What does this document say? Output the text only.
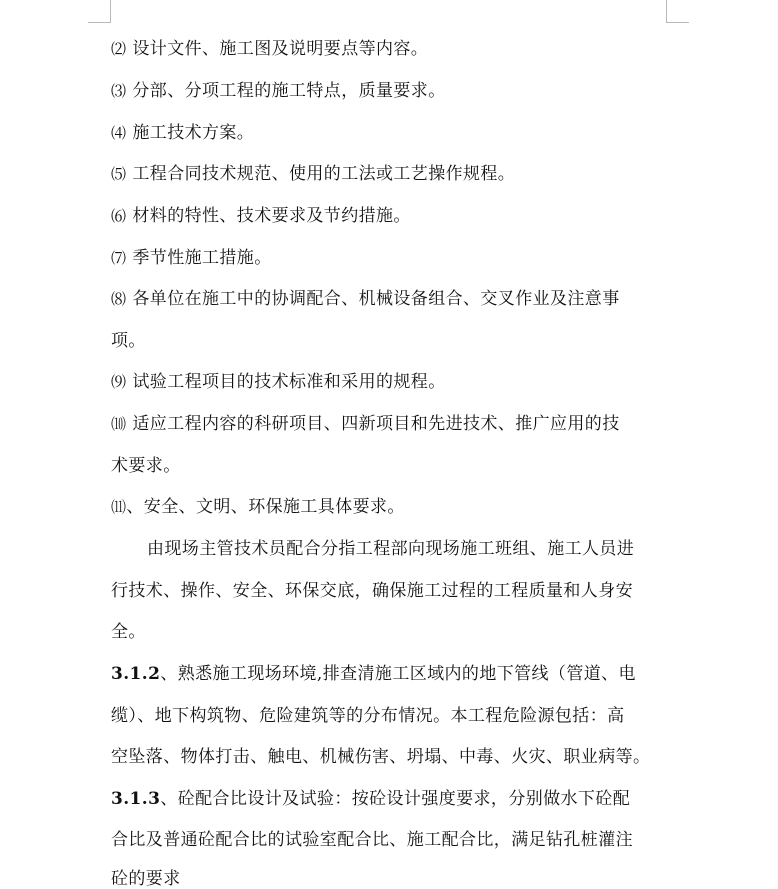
⑵ 设计文件、施工图及说明要点等内容。
⑶ 分部、分项工程的施工特点，质量要求。
⑷ 施工技术方案。
⑸ 工程合同技术规范、使用的工法或工艺操作规程。
⑹ 材料的特性、技术要求及节约措施。
⑺ 季节性施工措施。
⑻ 各单位在施工中的协调配合、机械设备组合、交叉作业及注意事
项。
⑼ 试验工程项目的技术标准和采用的规程。
⑽ 适应工程内容的科研项目、四新项目和先进技术、推广应用的技
术要求。
⑾、安全、文明、环保施工具体要求。
由现场主管技术员配合分指工程部向现场施工班组、施工人员进
行技术、操作、安全、环保交底，确保施工过程的工程质量和人身安
全。
3.1.2、熟悉施工现场环境,排查清施工区域内的地下管线（管道、电
缆）、地下构筑物、危险建筑等的分布情况。本工程危险源包括：高
空坠落、物体打击、触电、机械伤害、坍塌、中毒、火灾、职业病等。
3.1.3、砼配合比设计及试验：按砼设计强度要求，分别做水下砼配
合比及普通砼配合比的试验室配合比、施工配合比，满足钻孔桩灌注
砼的要求
